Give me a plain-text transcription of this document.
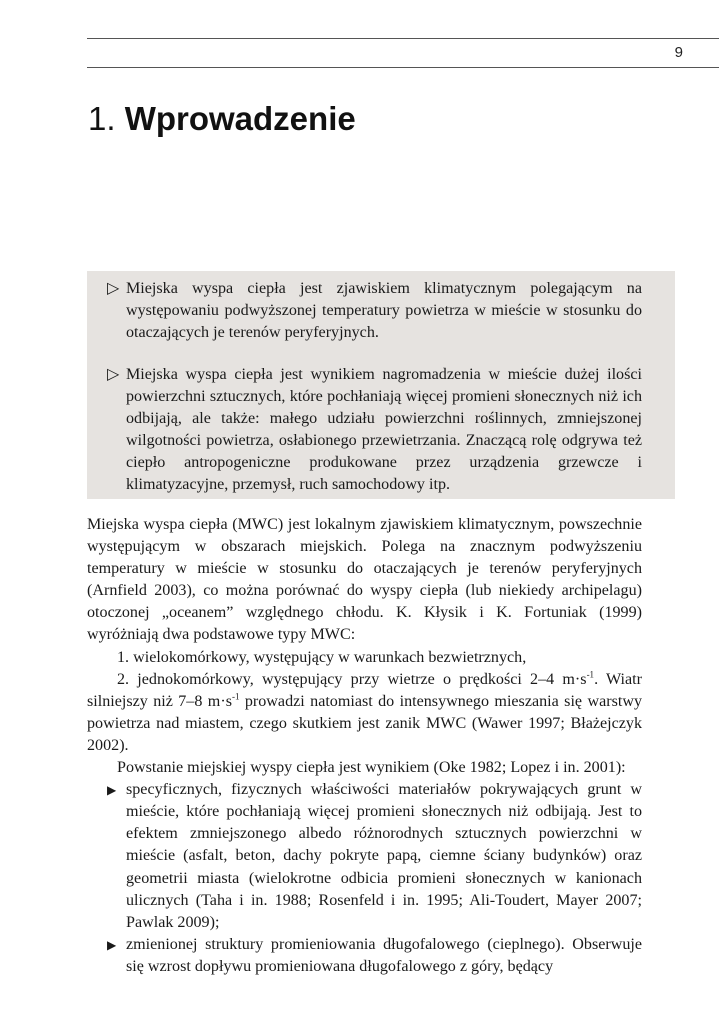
9
1. Wprowadzenie
▷ Miejska wyspa ciepła jest zjawiskiem klimatycznym polegającym na występowaniu podwyższonej temperatury powietrza w mieście w stosunku do otaczających je terenów peryferyjnych.
▷ Miejska wyspa ciepła jest wynikiem nagromadzenia w mieście dużej ilości powierzchni sztucznych, które pochłaniają więcej promieni słonecznych niż ich odbijają, ale także: małego udziału powierzchni roślinnych, zmniejszonej wilgotności powietrza, osłabionego przewietrzania. Znaczącą rolę odgrywa też ciepło antropogeniczne produkowane przez urządzenia grzewcze i klimatyzacyjne, przemysł, ruch samochodowy itp.

Miejska wyspa ciepła (MWC) jest lokalnym zjawiskiem klimatycznym, powszechnie występującym w obszarach miejskich. Polega na znacznym podwyższeniu temperatury w mieście w stosunku do otaczających je terenów peryferyjnych (Arnfield 2003), co można porównać do wyspy ciepła (lub niekiedy archipelagu) otoczonej „oceanem” względnego chłodu. K. Kłysik i K. Fortuniak (1999) wyróżniają dwa podstawowe typy MWC:

1. wielokomórkowy, występujący w warunkach bezwietrznych,

2. jednokomórkowy, występujący przy wietrze o prędkości 2–4 $m\cdot s^{-1}$. Wiatr silniejszy niż 7–8 $m\cdot s^{-1}$ prowadzi natomiast do intensywnego mieszania się warstwy powietrza nad miastem, czego skutkiem jest zanik MWC (Wawer 1997; Błażejczyk 2002).

Powstanie miejskiej wyspy ciepła jest wynikiem (Oke 1982; Lopez i in. 2001):

▶ specyficznych, fizycznych właściwości materiałów pokrywających grunt w mieście, które pochłaniają więcej promieni słonecznych niż odbijają. Jest to efektem zmniejszonego albedo różnorodnych sztucznych powierzchni w mieście (asfalt, beton, dachy pokryte papą, ciemne ściany budynków) oraz geometrii miasta (wielokrotne odbicia promieni słonecznych w kanionach ulicznych (Taha i in. 1988; Rosenfeld i in. 1995; Ali-Toudert, Mayer 2007; Pawlak 2009);
▶ zmienionej struktury promieniowania długofalowego (cieplnego). Obserwuje się wzrost dopływu promieniowana długofalowego z góry, będący
